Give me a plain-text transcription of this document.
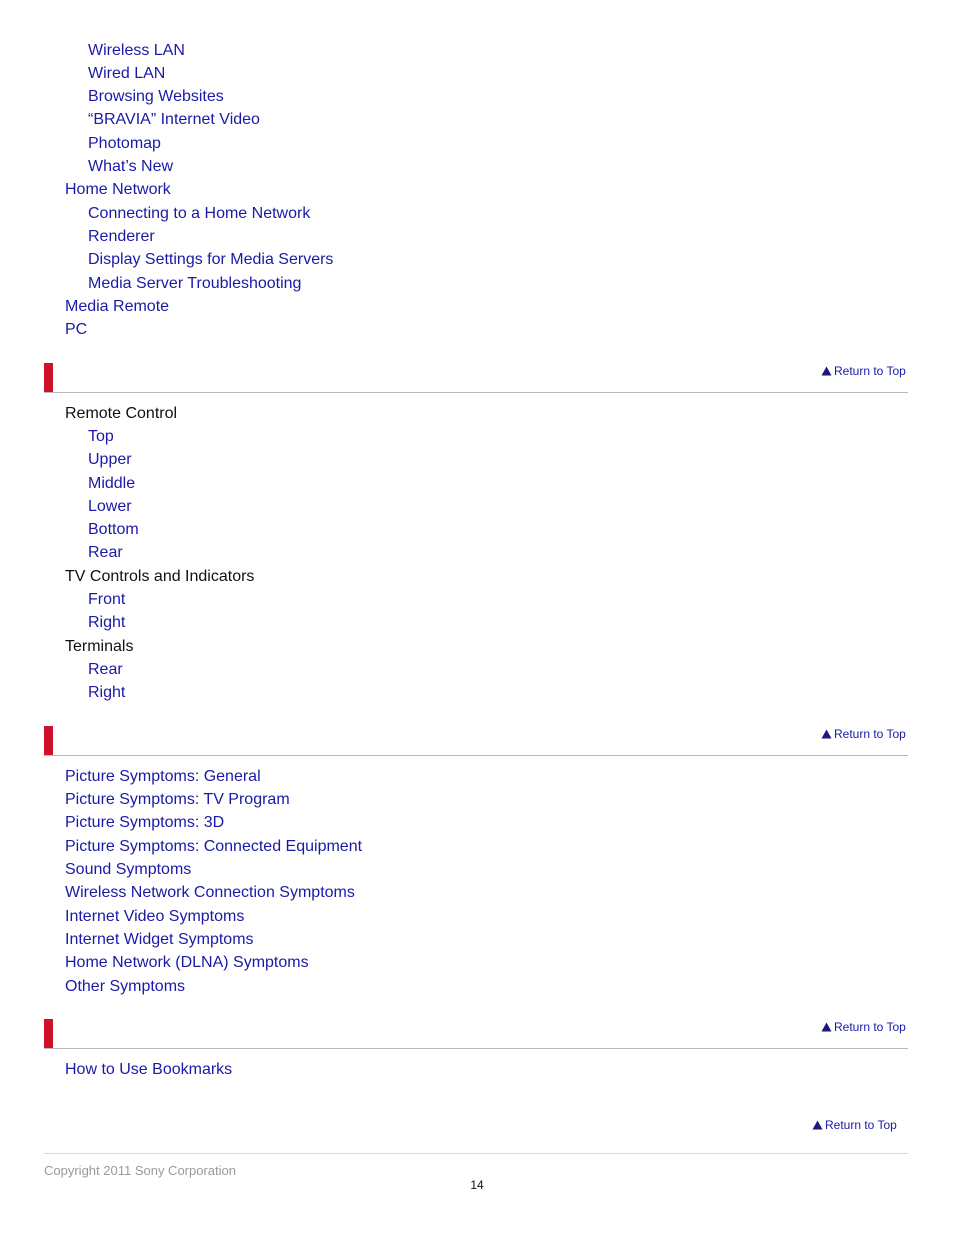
Wireless LAN
Wired LAN
Browsing Websites
“BRAVIA” Internet Video
Photomap
What’s New
Home Network
Connecting to a Home Network
Renderer
Display Settings for Media Servers
Media Server Troubleshooting
Media Remote
PC
Return to Top
Remote Control
Top
Upper
Middle
Lower
Bottom
Rear
TV Controls and Indicators
Front
Right
Terminals
Rear
Right
Return to Top
Picture Symptoms: General
Picture Symptoms: TV Program
Picture Symptoms: 3D
Picture Symptoms: Connected Equipment
Sound Symptoms
Wireless Network Connection Symptoms
Internet Video Symptoms
Internet Widget Symptoms
Home Network (DLNA) Symptoms
Other Symptoms
Return to Top
How to Use Bookmarks
Return to Top
Copyright 2011 Sony Corporation
14
